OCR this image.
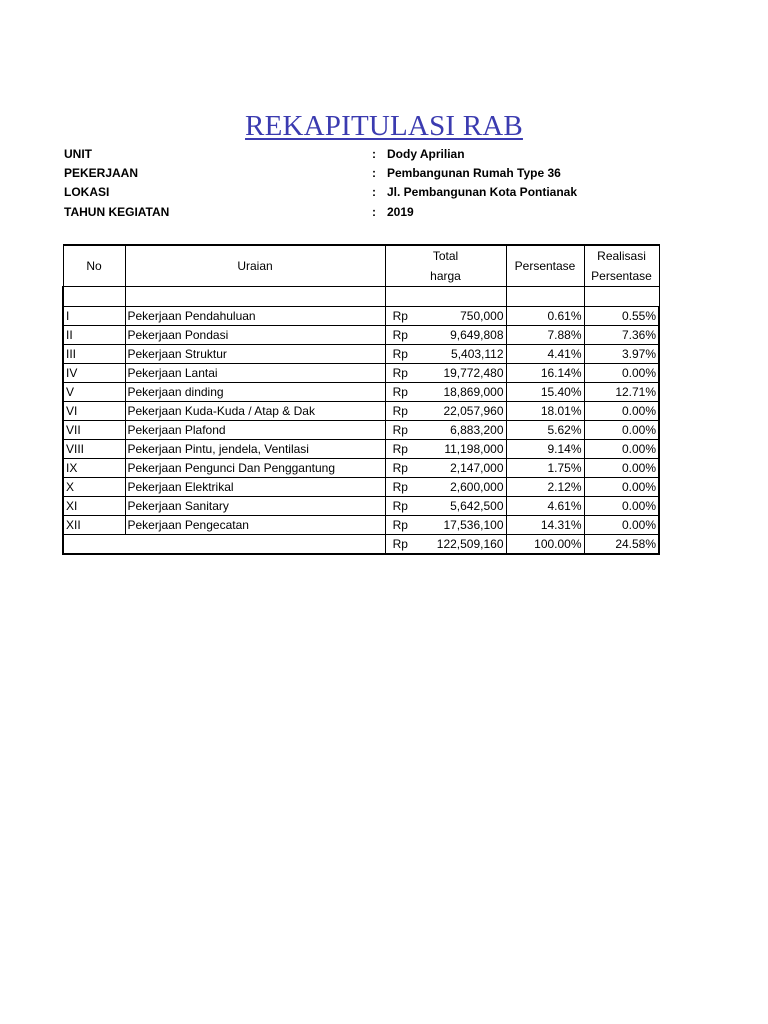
REKAPITULASI RAB
UNIT	: Dody Aprilian
PEKERJAAN	: Pembangunan Rumah Type 36
LOKASI	: Jl. Pembangunan Kota Pontianak
TAHUN KEGIATAN	: 2019
No	Uraian	Total		Persentase	Realisasi
		harga			Persentase

I	Pekerjaan Pendahuluan	Rp	750,000	0.61%	0.55%
II	Pekerjaan Pondasi	Rp	9,649,808	7.88%	7.36%
III	Pekerjaan Struktur	Rp	5,403,112	4.41%	3.97%
IV	Pekerjaan Lantai	Rp	19,772,480	16.14%	0.00%
V	Pekerjaan dinding	Rp	18,869,000	15.40%	12.71%
VI	Pekerjaan Kuda-Kuda / Atap & Dak	Rp	22,057,960	18.01%	0.00%
VII	Pekerjaan Plafond	Rp	6,883,200	5.62%	0.00%
VIII	Pekerjaan Pintu, jendela, Ventilasi	Rp	11,198,000	9.14%	0.00%
IX	Pekerjaan Pengunci Dan Penggantung	Rp	2,147,000	1.75%	0.00%
X	Pekerjaan Elektrikal	Rp	2,600,000	2.12%	0.00%
XI	Pekerjaan Sanitary	Rp	5,642,500	4.61%	0.00%
XII	Pekerjaan Pengecatan	Rp	17,536,100	14.31%	0.00%
		Rp	122,509,160	100.00%	24.58%
